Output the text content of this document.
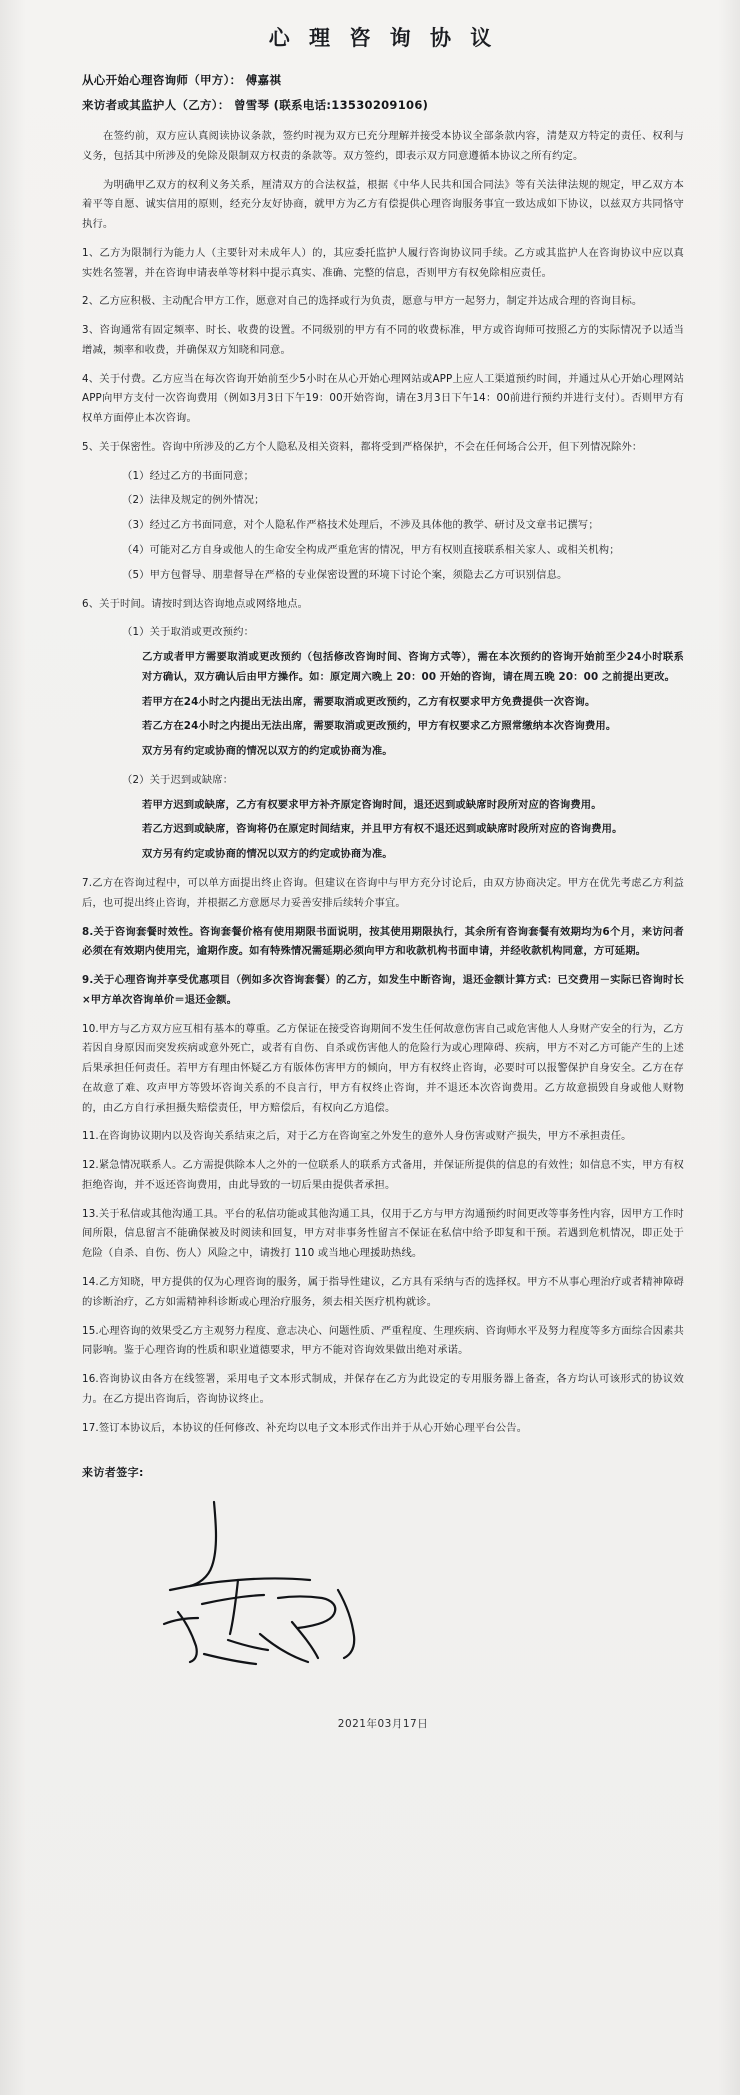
心 理 咨 询 协 议
从心开始心理咨询师（甲方）： 傅嘉祺
来访者或其监护人（乙方）： 曾雪琴 (联系电话:13530209106)

在签约前，双方应认真阅读协议条款，签约时视为双方已充分理解并接受本协议全部条款内容，清楚双方特定的责任、权利与义务，包括其中所涉及的免除及限制双方权责的条款等。双方签约，即表示双方同意遵循本协议之所有约定。

为明确甲乙双方的权利义务关系，厘清双方的合法权益，根据《中华人民共和国合同法》等有关法律法规的规定，甲乙双方本着平等自愿、诚实信用的原则，经充分友好协商，就甲方为乙方有偿提供心理咨询服务事宜一致达成如下协议，以兹双方共同恪守执行。

1、乙方为限制行为能力人（主要针对未成年人）的，其应委托监护人履行咨询协议同手续。乙方或其监护人在咨询协议中应以真实姓名签署，并在咨询申请表单等材料中提示真实、准确、完整的信息，否则甲方有权免除相应责任。

2、乙方应积极、主动配合甲方工作，愿意对自己的选择或行为负责，愿意与甲方一起努力，制定并达成合理的咨询目标。

3、咨询通常有固定频率、时长、收费的设置。不同级别的甲方有不同的收费标准，甲方或咨询师可按照乙方的实际情况予以适当增减，频率和收费，并确保双方知晓和同意。

4、关于付费。乙方应当在每次咨询开始前至少5小时在从心开始心理网站或APP上应人工渠道预约时间，并通过从心开始心理网站APP向甲方支付一次咨询费用（例如3月3日下午19：00开始咨询，请在3月3日下午14：00前进行预约并进行支付）。否则甲方有权单方面停止本次咨询。

5、关于保密性。咨询中所涉及的乙方个人隐私及相关资料，都将受到严格保护，不会在任何场合公开，但下列情况除外：

（1）经过乙方的书面同意；

（2）法律及规定的例外情况；

（3）经过乙方书面同意，对个人隐私作严格技术处理后，不涉及具体他的教学、研讨及文章书记撰写；

（4）可能对乙方自身或他人的生命安全构成严重危害的情况，甲方有权则直接联系相关家人、或相关机构；

（5）甲方包督导、朋辈督导在严格的专业保密设置的环境下讨论个案，须隐去乙方可识别信息。

6、关于时间。请按时到达咨询地点或网络地点。

（1）关于取消或更改预约：

乙方或者甲方需要取消或更改预约（包括修改咨询时间、咨询方式等），需在本次预约的咨询开始前至少24小时联系对方确认，双方确认后由甲方操作。如：原定周六晚上 20：00 开始的咨询，请在周五晚 20：00 之前提出更改。

若甲方在24小时之内提出无法出席，需要取消或更改预约，乙方有权要求甲方免费提供一次咨询。

若乙方在24小时之内提出无法出席，需要取消或更改预约，甲方有权要求乙方照常缴纳本次咨询费用。

双方另有约定或协商的情况以双方的约定或协商为准。

（2）关于迟到或缺席：

若甲方迟到或缺席，乙方有权要求甲方补齐原定咨询时间，退还迟到或缺席时段所对应的咨询费用。

若乙方迟到或缺席，咨询将仍在原定时间结束，并且甲方有权不退还迟到或缺席时段所对应的咨询费用。

双方另有约定或协商的情况以双方的约定或协商为准。

7.乙方在咨询过程中，可以单方面提出终止咨询。但建议在咨询中与甲方充分讨论后，由双方协商决定。甲方在优先考虑乙方利益后，也可提出终止咨询，并根据乙方意愿尽力妥善安排后续转介事宜。

8.关于咨询套餐时效性。咨询套餐价格有使用期限书面说明，按其使用期限执行，其余所有咨询套餐有效期均为6个月，来访问者必须在有效期内使用完，逾期作废。如有特殊情况需延期必须向甲方和收款机构书面申请，并经收款机构同意，方可延期。

9.关于心理咨询并享受优惠项目（例如多次咨询套餐）的乙方，如发生中断咨询，退还金额计算方式：已交费用－实际已咨询时长×甲方单次咨询单价＝退还金额。

10.甲方与乙方双方应互相有基本的尊重。乙方保证在接受咨询期间不发生任何故意伤害自己或危害他人人身财产安全的行为，乙方若因自身原因而突发疾病或意外死亡，或者有自伤、自杀或伤害他人的危险行为或心理障碍、疾病，甲方不对乙方可能产生的上述后果承担任何责任。若甲方有理由怀疑乙方有版体伤害甲方的倾向，甲方有权终止咨询，必要时可以报警保护自身安全。乙方在存在故意了难、攻声甲方等毁坏咨询关系的不良言行，甲方有权终止咨询，并不退还本次咨询费用。乙方故意损毁自身或他人财物的，由乙方自行承担摄失赔偿责任，甲方赔偿后，有权向乙方追偿。

11.在咨询协议期内以及咨询关系结束之后，对于乙方在咨询室之外发生的意外人身伤害或财产损失，甲方不承担责任。

12.紧急情况联系人。乙方需提供除本人之外的一位联系人的联系方式备用，并保证所提供的信息的有效性；如信息不实，甲方有权拒绝咨询，并不返还咨询费用，由此导致的一切后果由提供者承担。

13.关于私信或其他沟通工具。平台的私信功能或其他沟通工具，仅用于乙方与甲方沟通预约时间更改等事务性内容，因甲方工作时间所限，信息留言不能确保被及时阅读和回复，甲方对非事务性留言不保证在私信中给予即复和干预。若遇到危机情况，即正处于危险（自杀、自伤、伤人）风险之中，请拨打 110 或当地心理援助热线。

14.乙方知晓，甲方提供的仅为心理咨询的服务，属于指导性建议，乙方具有采纳与否的选择权。甲方不从事心理治疗或者精神障碍的诊断治疗，乙方如需精神科诊断或心理治疗服务，须去相关医疗机构就诊。

15.心理咨询的效果受乙方主观努力程度、意志决心、问题性质、严重程度、生理疾病、咨询师水平及努力程度等多方面综合因素共同影响。鉴于心理咨询的性质和职业道德要求，甲方不能对咨询效果做出绝对承诺。

16.咨询协议由各方在线签署，采用电子文本形式制成，并保存在乙方为此设定的专用服务器上备查，各方均认可该形式的协议效力。在乙方提出咨询后，咨询协议终止。

17.签订本协议后，本协议的任何修改、补充均以电子文本形式作出并于从心开始心理平台公告。

来访者签字:
2021年03月17日
